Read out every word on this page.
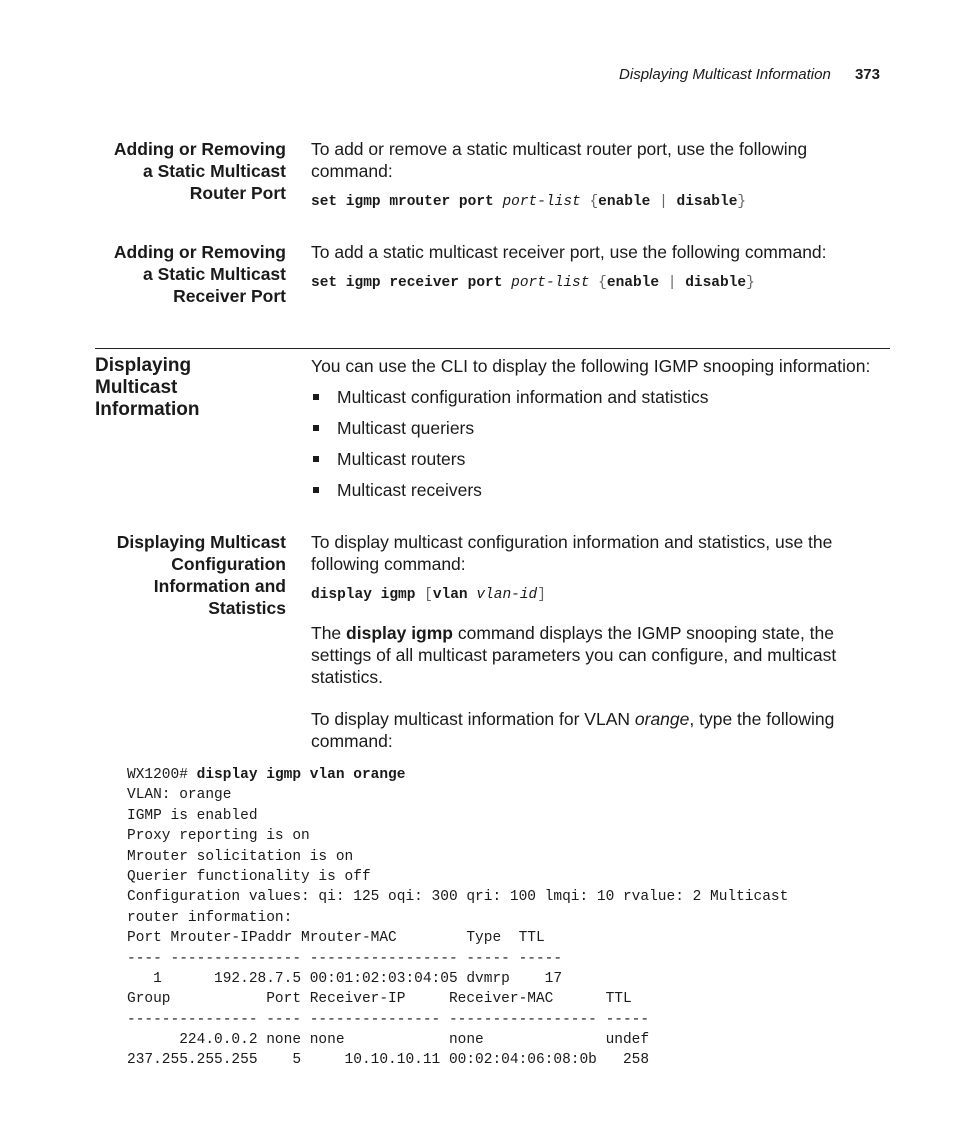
Displaying Multicast Information 373
Adding or Removing
a Static Multicast
Router Port
To add or remove a static multicast router port, use the following command:
set igmp mrouter port port-list {enable | disable}
Adding or Removing
a Static Multicast
Receiver Port
To add a static multicast receiver port, use the following command:
set igmp receiver port port-list {enable | disable}
Displaying
Multicast
Information
You can use the CLI to display the following IGMP snooping information:
Multicast configuration information and statistics
Multicast queriers
Multicast routers
Multicast receivers
Displaying Multicast
Configuration
Information and
Statistics
To display multicast configuration information and statistics, use the following command:
display igmp [vlan vlan-id]
The display igmp command displays the IGMP snooping state, the settings of all multicast parameters you can configure, and multicast statistics.
To display multicast information for VLAN orange, type the following command:
WX1200# display igmp vlan orange
VLAN: orange
IGMP is enabled
Proxy reporting is on
Mrouter solicitation is on
Querier functionality is off
Configuration values: qi: 125 oqi: 300 qri: 100 lmqi: 10 rvalue: 2 Multicast
router information:
Port Mrouter-IPaddr Mrouter-MAC        Type  TTL
---- --------------- ----------------- ----- -----
1      192.28.7.5 00:01:02:03:04:05 dvmrp    17
Group           Port Receiver-IP     Receiver-MAC      TTL
--------------- ---- --------------- ----------------- -----
224.0.0.2 none none            none              undef
237.255.255.255    5     10.10.10.11 00:02:04:06:08:0b   258
